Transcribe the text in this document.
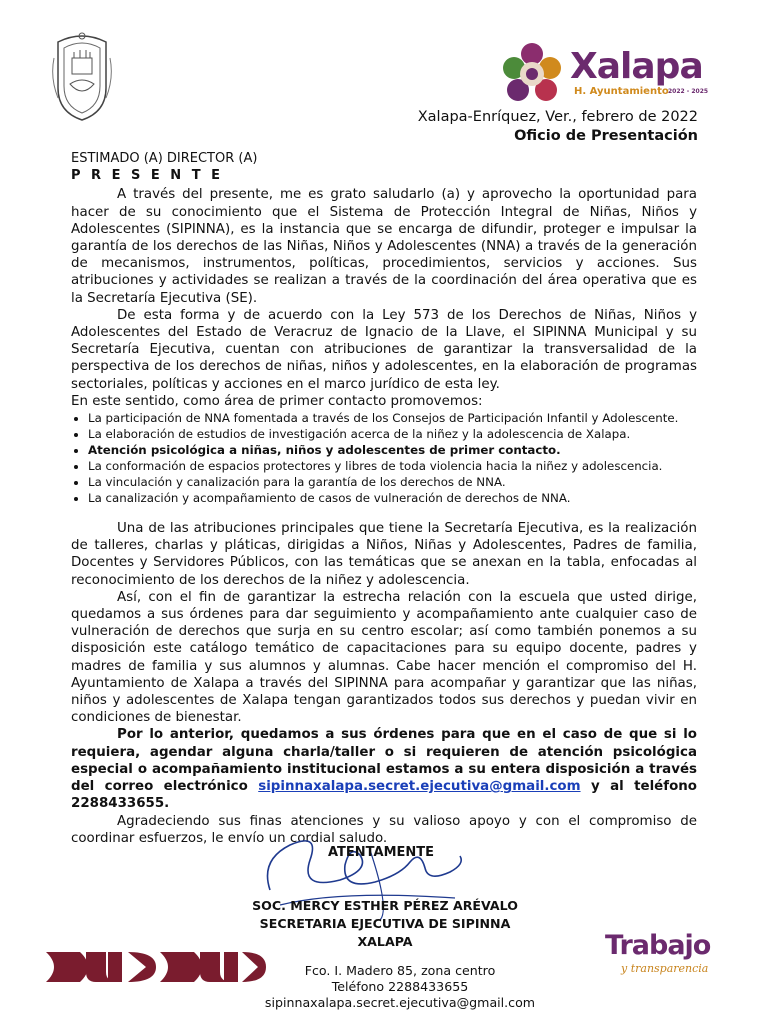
Xalapa
H. Ayuntamiento 2022 - 2025
Xalapa-Enríquez, Ver., febrero de 2022
Oficio de Presentación

ESTIMADO (A) DIRECTOR (A)

P R E S E N T E

A través del presente, me es grato saludarlo (a) y aprovecho la oportunidad para hacer de su conocimiento que el Sistema de Protección Integral de Niñas, Niños y Adolescentes (SIPINNA), es la instancia que se encarga de difundir, proteger e impulsar la garantía de los derechos de las Niñas, Niños y Adolescentes (NNA) a través de la generación de mecanismos, instrumentos, políticas, procedimientos, servicios y acciones. Sus atribuciones y actividades se realizan a través de la coordinación del área operativa que es la Secretaría Ejecutiva (SE).

De esta forma y de acuerdo con la Ley 573 de los Derechos de Niñas, Niños y Adolescentes del Estado de Veracruz de Ignacio de la Llave, el SIPINNA Municipal y su Secretaría Ejecutiva, cuentan con atribuciones de garantizar la transversalidad de la perspectiva de los derechos de niñas, niños y adolescentes, en la elaboración de programas sectoriales, políticas y acciones en el marco jurídico de esta ley.

En este sentido, como área de primer contacto promovemos:

• La participación de NNA fomentada a través de los Consejos de Participación Infantil y Adolescente.
• La elaboración de estudios de investigación acerca de la niñez y la adolescencia de Xalapa.
• Atención psicológica a niñas, niños y adolescentes de primer contacto.
• La conformación de espacios protectores y libres de toda violencia hacia la niñez y adolescencia.
• La vinculación y canalización para la garantía de los derechos de NNA.
• La canalización y acompañamiento de casos de vulneración de derechos de NNA.

Una de las atribuciones principales que tiene la Secretaría Ejecutiva, es la realización de talleres, charlas y pláticas, dirigidas a Niños, Niñas y Adolescentes, Padres de familia, Docentes y Servidores Públicos, con las temáticas que se anexan en la tabla, enfocadas al reconocimiento de los derechos de la niñez y adolescencia.

Así, con el fin de garantizar la estrecha relación con la escuela que usted dirige, quedamos a sus órdenes para dar seguimiento y acompañamiento ante cualquier caso de vulneración de derechos que surja en su centro escolar; así como también ponemos a su disposición este catálogo temático de capacitaciones para su equipo docente, padres y madres de familia y sus alumnos y alumnas. Cabe hacer mención el compromiso del H. Ayuntamiento de Xalapa a través del SIPINNA para acompañar y garantizar que las niñas, niños y adolescentes de Xalapa tengan garantizados todos sus derechos y puedan vivir en condiciones de bienestar.

Por lo anterior, quedamos a sus órdenes para que en el caso de que si lo requiera, agendar alguna charla/taller o si requieren de atención psicológica especial o acompañamiento institucional estamos a su entera disposición a través del correo electrónico sipinnaxalapa.secret.ejecutiva@gmail.com y al teléfono 2288433655.

Agradeciendo sus finas atenciones y su valioso apoyo y con el compromiso de coordinar esfuerzos, le envío un cordial saludo.

ATENTAMENTE
SOC. MERCY ESTHER PÉREZ ARÉVALO
SECRETARIA EJECUTIVA DE SIPINNA
XALAPA
Fco. I. Madero 85, zona centro
Teléfono 2288433655
sipinnaxalapa.secret.ejecutiva@gmail.com
Trabajo
y transparencia
